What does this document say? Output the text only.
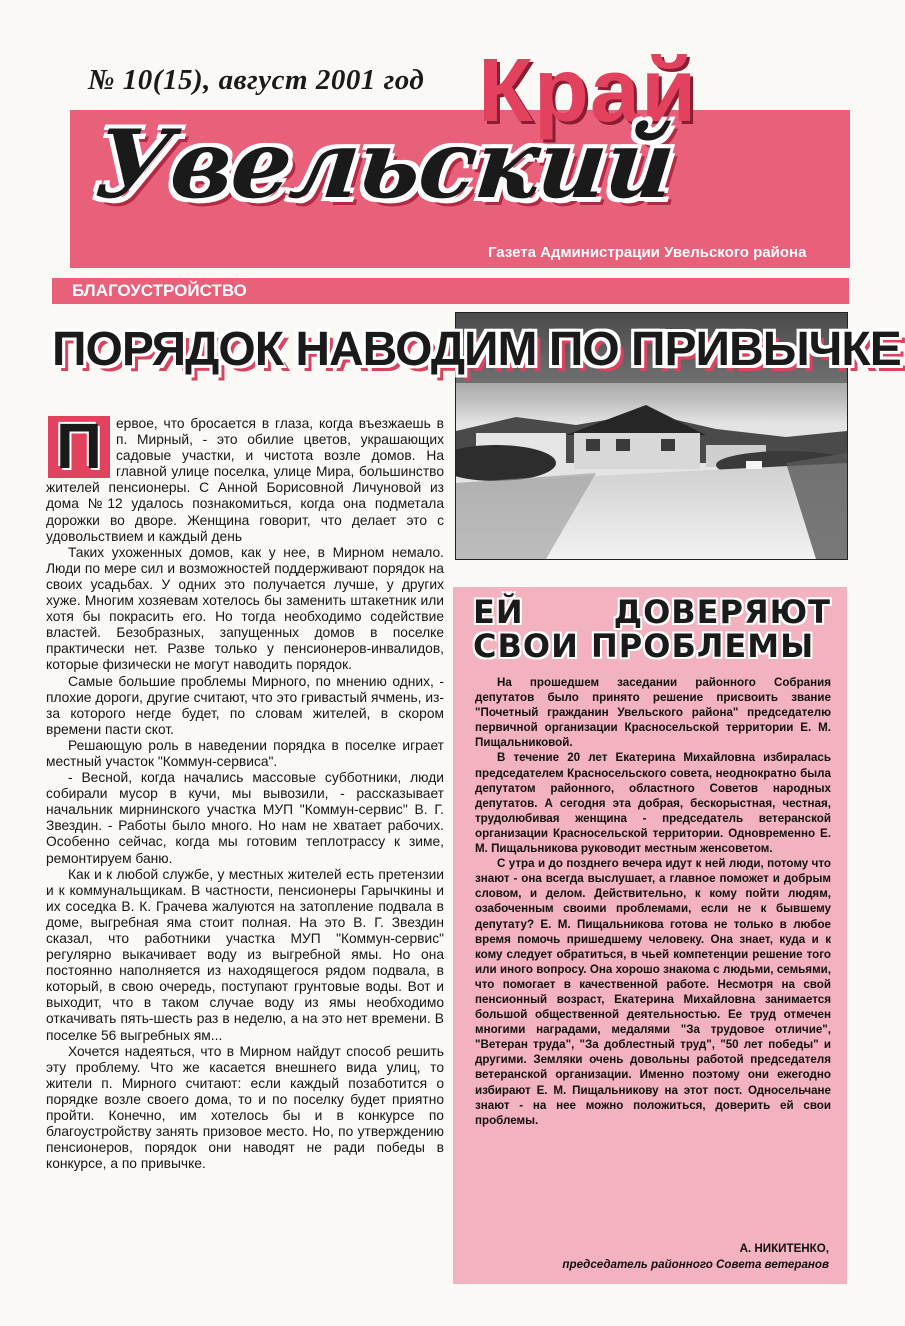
№ 10(15), август 2001 год Край
Увельский
Газета Администрации Увельского района
БЛАГОУСТРОЙСТВО
ПОРЯДОК НАВОДИМ ПО ПРИВЫЧКЕ
П	ервое, что бросается в глаза, когда въезжаешь в п. Мирный, - это обилие цветов, украшающих садовые участки, и чистота возле домов. На главной улице поселка, улице Мира, большинство жителей пенсионеры. С Анной Борисовной Личуновой из дома №12 удалось познакомиться, когда она подметала дорожки во дворе. Женщина говорит, что делает это с удовольствием и каждый день

Таких ухоженных домов, как у нее, в Мирном немало. Люди по мере сил и возможностей поддерживают порядок на своих усадьбах. У одних это получается лучше, у других хуже. Многим хозяевам хотелось бы заменить штакетник или хотя бы покрасить его. Но тогда необходимо содействие властей. Безобразных, запущенных домов в поселке практически нет. Разве только у пенсионеров-инвалидов, которые физически не могут наводить порядок.

Самые большие проблемы Мирного, по мнению одних, - плохие дороги, другие считают, что это гривастый ячмень, из-за которого негде будет, по словам жителей, в скором времени пасти скот.

Решающую роль в наведении порядка в поселке играет местный участок "Коммун-сервиса".

- Весной, когда начались массовые субботники, люди собирали мусор в кучи, мы вывозили, - рассказывает начальник мирнинского участка МУП "Коммун-сервис" В. Г. Звездин. - Работы было много. Но нам не хватает рабочих. Особенно сейчас, когда мы готовим теплотрассу к зиме, ремонтируем баню.

Как и к любой службе, у местных жителей есть претензии и к коммунальщикам. В частности, пенсионеры Гарычкины и их соседка В. К. Грачева жалуются на затопление подвала в доме, выгребная яма стоит полная. На это В. Г. Звездин сказал, что работники участка МУП "Коммун-сервис" регулярно выкачивает воду из выгребной ямы. Но она постоянно наполняется из находящегося рядом подвала, в который, в свою очередь, поступают грунтовые воды. Вот и выходит, что в таком случае воду из ямы необходимо откачивать пять-шесть раз в неделю, а на это нет времени. В поселке 56 выгребных ям...

Хочется надеяться, что в Мирном найдут способ решить эту проблему. Что же касается внешнего вида улиц, то жители п. Мирного считают: если каждый позаботится о порядке возле своего дома, то и по поселку будет приятно пройти. Конечно, им хотелось бы и в конкурсе по благоустройству занять призовое место. Но, по утверждению пенсионеров, порядок они наводят не ради победы в конкурсе, а по привычке.

ЕЙ	ДОВЕРЯЮТ
СВОИ ПРОБЛЕМЫ

На прошедшем заседании районного Собрания депутатов было принято решение присвоить звание "Почетный гражданин Увельского района" председателю первичной организации Красносельской территории Е. М. Пищальниковой.

В течение 20 лет Екатерина Михайловна избиралась председателем Красносельского совета, неоднократно была депутатом районного, областного Советов народных депутатов. А сегодня эта добрая, бескорыстная, честная, трудолюбивая женщина - председатель ветеранской организации Красносельской территории. Одновременно Е. М. Пищальникова руководит местным женсоветом.

С утра и до позднего вечера идут к ней люди, потому что знают - она всегда выслушает, а главное поможет и добрым словом, и делом. Действительно, к кому пойти людям, озабоченным своими проблемами, если не к бывшему депутату? Е. М. Пищальникова готова не только в любое время помочь пришедшему человеку. Она знает, куда и к кому следует обратиться, в чьей компетенции решение того или иного вопросу. Она хорошо знакома с людьми, семьями, что помогает в качественной работе. Несмотря на свой пенсионный возраст, Екатерина Михайловна занимается большой общественной деятельностью. Ее труд отмечен многими наградами, медалями "За трудовое отличие", "Ветеран труда", "За доблестный труд", "50 лет победы" и другими. Земляки очень довольны работой председателя ветеранской организации. Именно поэтому они ежегодно избирают Е. М. Пищальникову на этот пост. Односельчане знают - на нее можно положиться, доверить ей свои проблемы.

А. НИКИТЕНКО,
председатель районного Совета ветеранов
